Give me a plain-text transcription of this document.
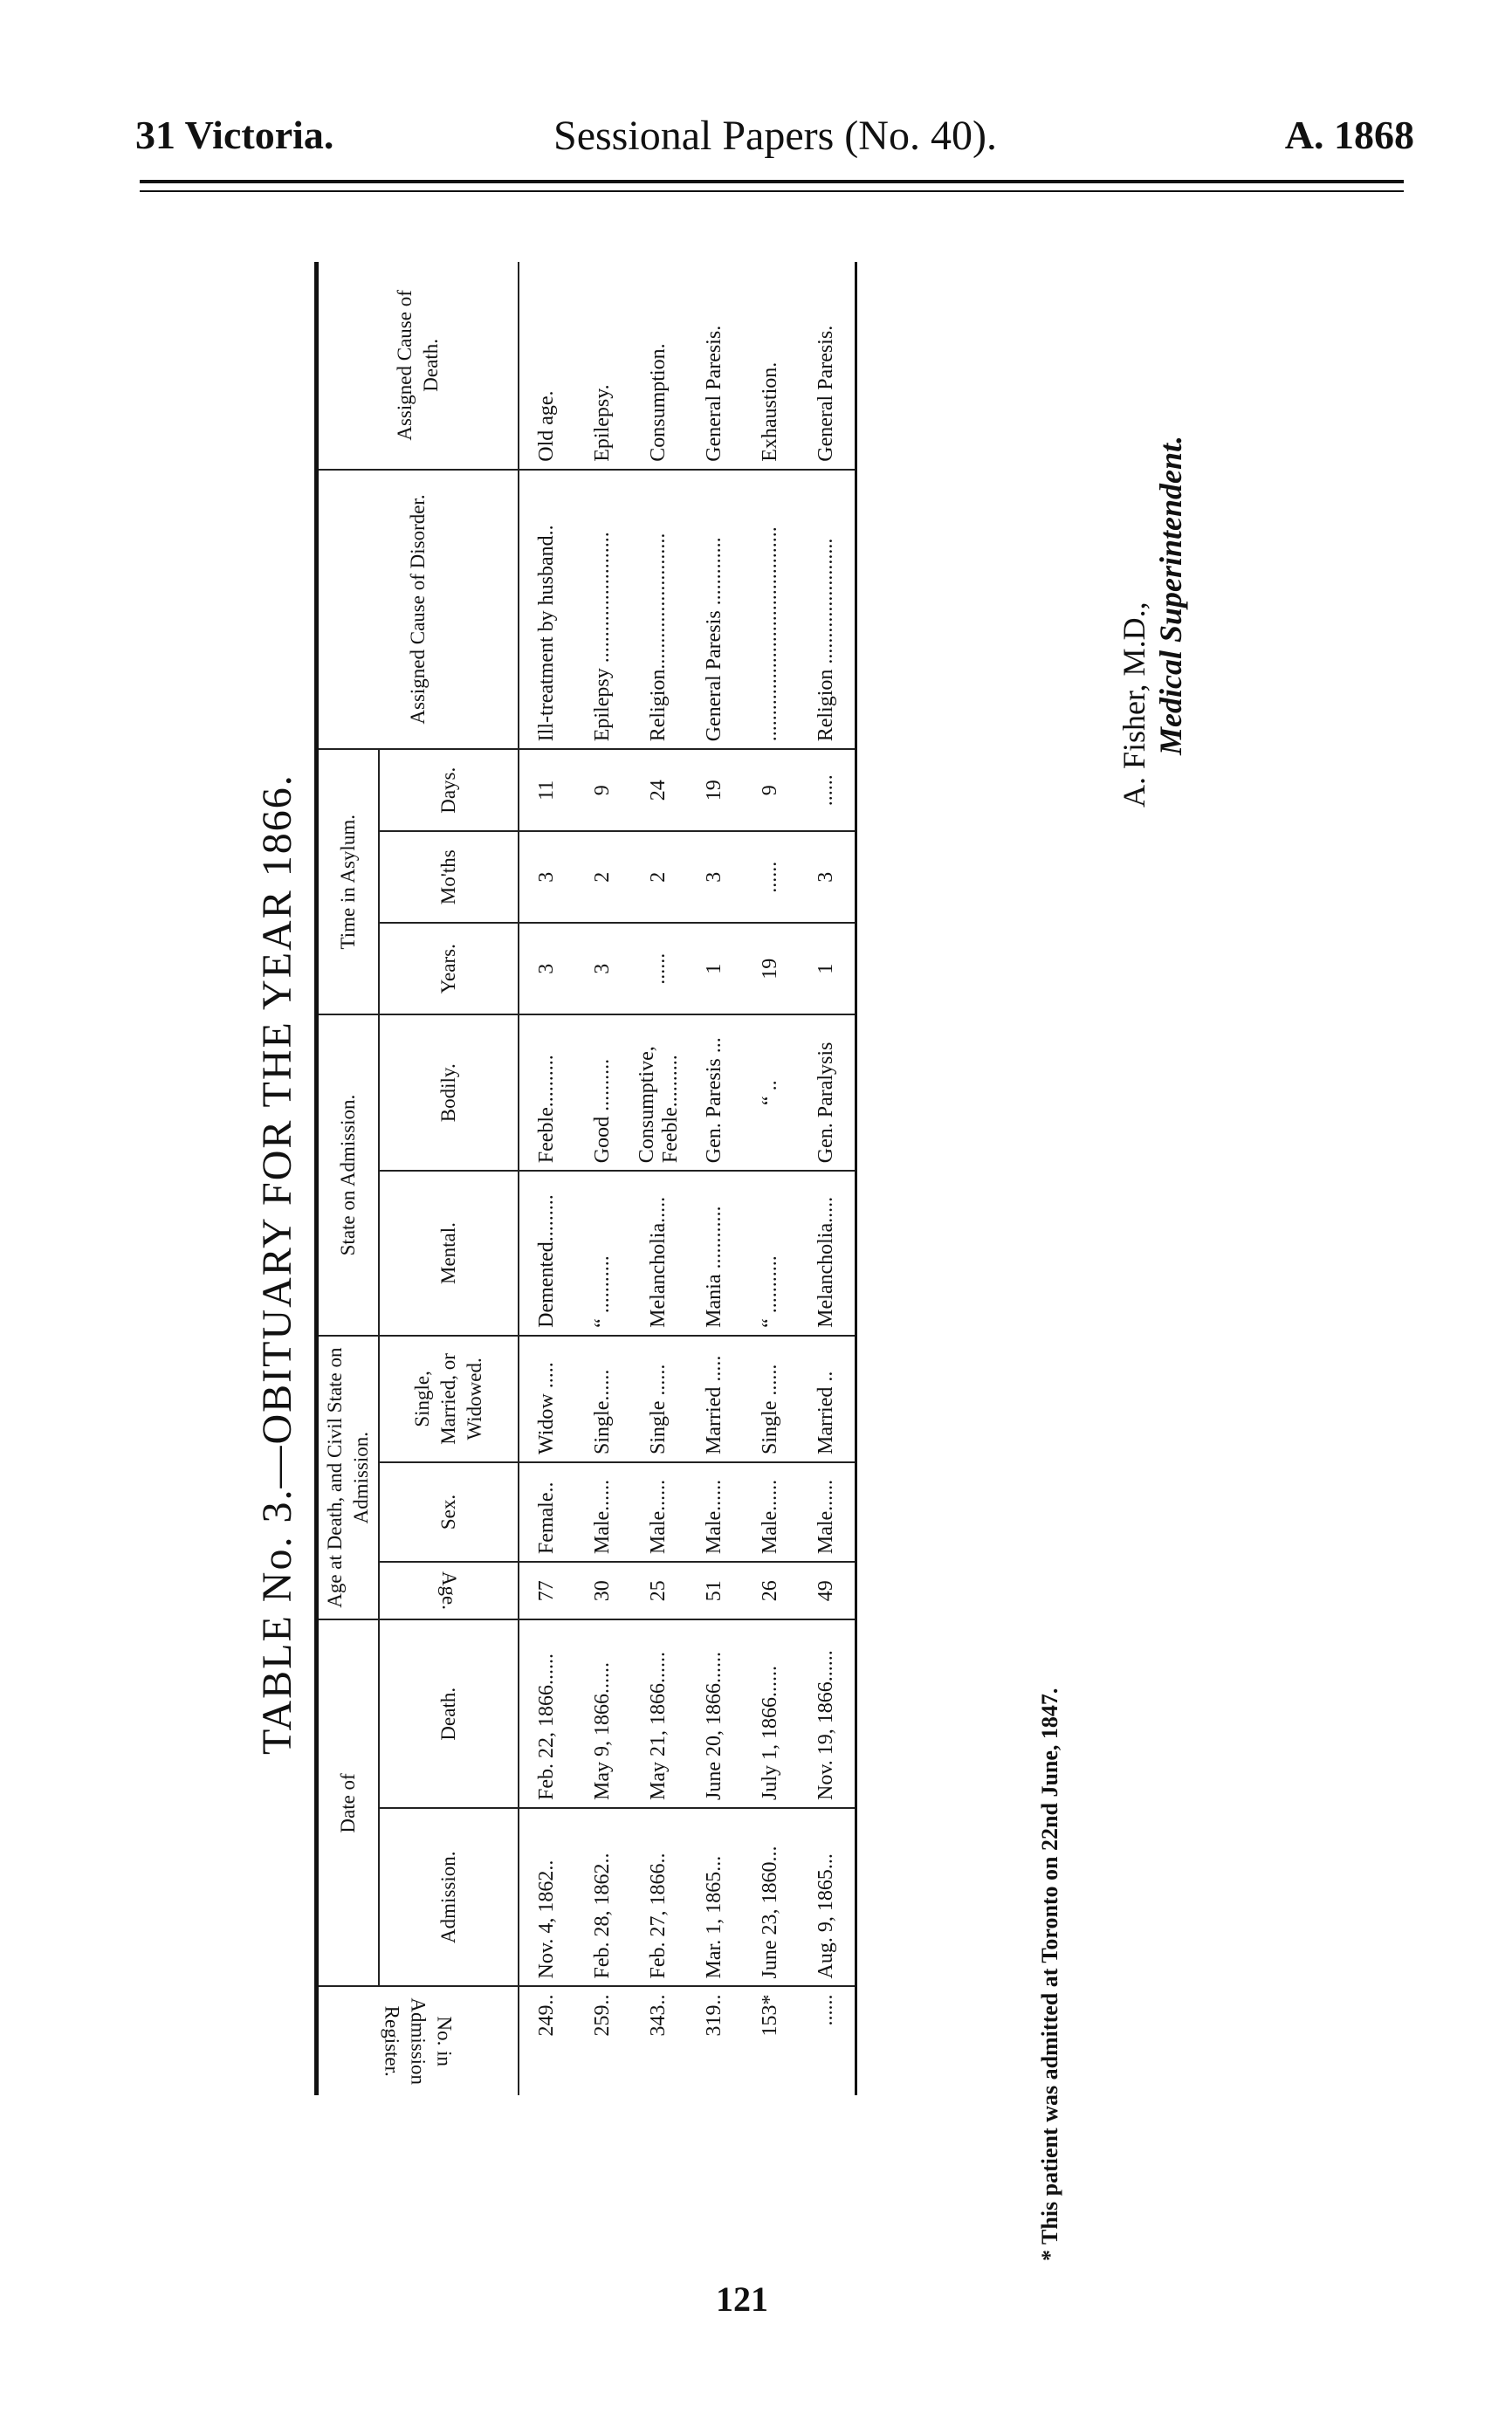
31 Victoria.	Sessional Papers (No. 40).	A. 1868
TABLE No. 3.—OBITUARY FOR THE YEAR 1866.
No. in Admission Register.	Date of		Age at Death, and Civil State on Admission.			State on Admission.		Time in Asylum.			Assigned Cause of Disorder.	Assigned Cause of Death.
	Admission.	Death.	Age.	Sex.	Single, Married, or Widowed.	Mental.	Bodily.	Years.	Mo'ths	Days.		
249..	Nov. 4, 1862..	Feb. 22, 1866......	77	Female..	Widow .....	Demented.........	Feeble..........	3	3	11	Ill-treatment by husband..	Old age.
259..	Feb. 28, 1862..	May 9, 1866......	30	Male......	Single......	“ ...........	Good ..........	3	2	9	Epilepsy .........................	Epilepsy.
343..	Feb. 27, 1866..	May 21, 1866......	25	Male......	Single ......	Melancholia.....	Consumptive, Feeble..........	......	2	24	Religion..........................	Consumption.
319..	Mar. 1, 1865...	June 20, 1866......	51	Male......	Married .....	Mania ............	Gen. Paresis ...	1	3	19	General Paresis .............	General Paresis.
153*	June 23, 1860...	July 1, 1866......	26	Male......	Single ......	“ ...........	“ ..	19	......	9	.........................................	Exhaustion.
......	Aug. 9, 1865...	Nov. 19, 1866......	49	Male......	Married ..	Melancholia.....	Gen. Paralysis	1	3	......	Religion ........................	General Paresis.
* This patient was admitted at Toronto on 22nd June, 1847.
A. Fisher, M.D., Medical Superintendent.
121
